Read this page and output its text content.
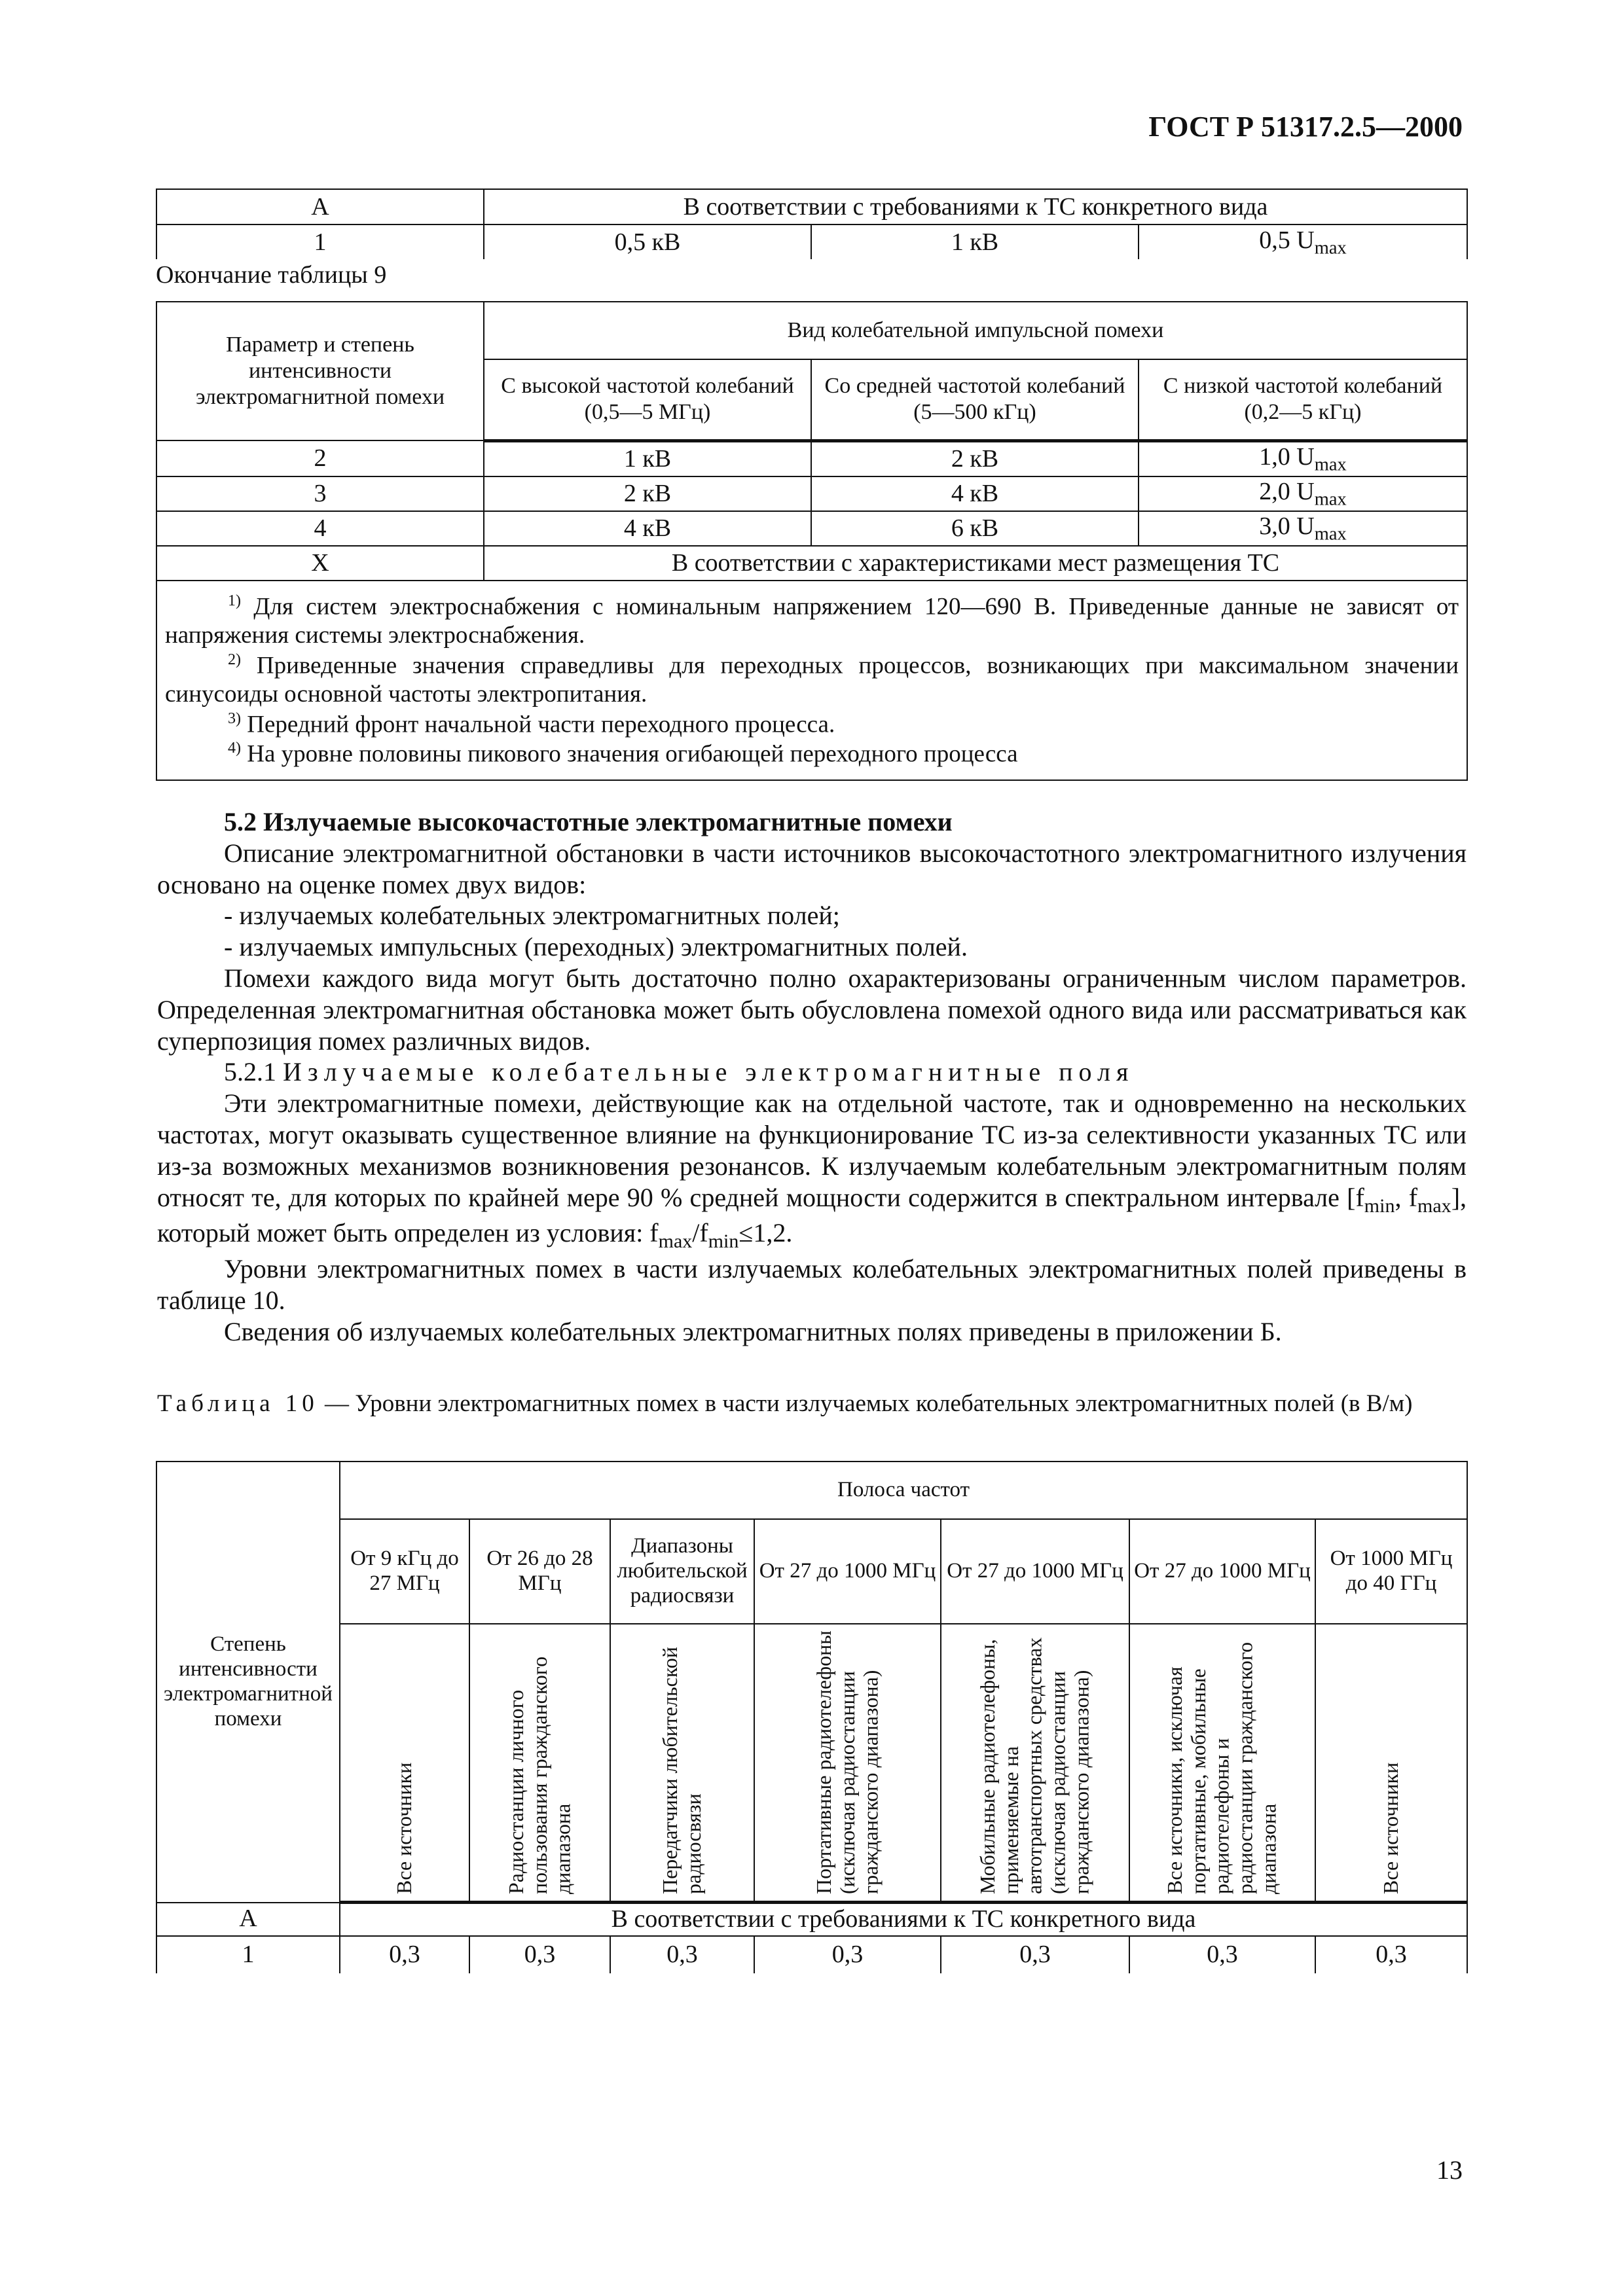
ГОСТ Р 51317.2.5—2000
А	В соответствии с требованиями к ТС конкретного вида		
1	0,5 кВ	1 кВ	0,5 $U_{max}$
Окончание таблицы 9
Параметр и степень интенсивности электромагнитной помехи	Вид колебательной импульсной помехи		
	С высокой частотой колебаний (0,5—5 МГц)	Со средней частотой колебаний (5—500 кГц)	С низкой частотой колебаний (0,2—5 кГц)
2	1 кВ	2 кВ	1,0 $U_{max}$
3	2 кВ	4 кВ	2,0 $U_{max}$
4	4 кВ	6 кВ	3,0 $U_{max}$
Х	В соответствии с характеристиками мест размещения ТС		

$^{1)}$ Для систем электроснабжения с номинальным напряжением 120—690 В. Приведенные данные не зависят от напряжения системы электроснабжения.

$^{2)}$ Приведенные значения справедливы для переходных процессов, возникающих при максимальном значении синусоиды основной частоты электропитания.

$^{3)}$ Передний фронт начальной части переходного процесса.

$^{4)}$ На уровне половины пикового значения огибающей переходного процесса			

5.2 Излучаемые высокочастотные электромагнитные помехи

Описание электромагнитной обстановки в части источников высокочастотного электромагнитного излучения основано на оценке помех двух видов:

- излучаемых колебательных электромагнитных полей;

- излучаемых импульсных (переходных) электромагнитных полей.

Помехи каждого вида могут быть достаточно полно охарактеризованы ограниченным числом параметров. Определенная электромагнитная обстановка может быть обусловлена помехой одного вида или рассматриваться как суперпозиция помех различных видов.

5.2.1 Излучаемые колебательные электромагнитные поля

Эти электромагнитные помехи, действующие как на отдельной частоте, так и одновременно на нескольких частотах, могут оказывать существенное влияние на функционирование ТС из-за селективности указанных ТС или из-за возможных механизмов возникновения резонансов. К излучаемым колебательным электромагнитным полям относят те, для которых по крайней мере 90 % средней мощности содержится в спектральном интервале [$f_{min}$, $f_{max}$], который может быть определен из условия: $f_{max}/f_{min}\le 1,2$.

Уровни электромагнитных помех в части излучаемых колебательных электромагнитных полей приведены в таблице 10.

Сведения об излучаемых колебательных электромагнитных полях приведены в приложении Б.

Таблица 10 — Уровни электромагнитных помех в части излучаемых колебательных электромагнитных полей (в В/м)
Степень интенсивности электромагнитной помехи	Полоса частот						
	От 9 кГц до 27 МГц	От 26 до 28 МГц	Диапазоны любительской радиосвязи	От 27 до 1000 МГц	От 27 до 1000 МГц	От 27 до 1000 МГц	От 1000 МГц до 40 ГГц

	Все источники	Радиостанции личного пользования гражданского диапазона	Передатчики любительской радиосвязи	Портативные радиотелефоны (исключая радиостанции гражданского диапазона)	Мобильные радиотелефоны, применяемые на автотранспортных средствах (исключая радиостанции гражданского диапазона)	Все источники, исключая портативные, мобильные радиотелефоны и радиостанции гражданского диапазона	Все источники

А	В соответствии с требованиями к ТС конкретного вида						
1	0,3	0,3	0,3	0,3	0,3	0,3	0,3
13
